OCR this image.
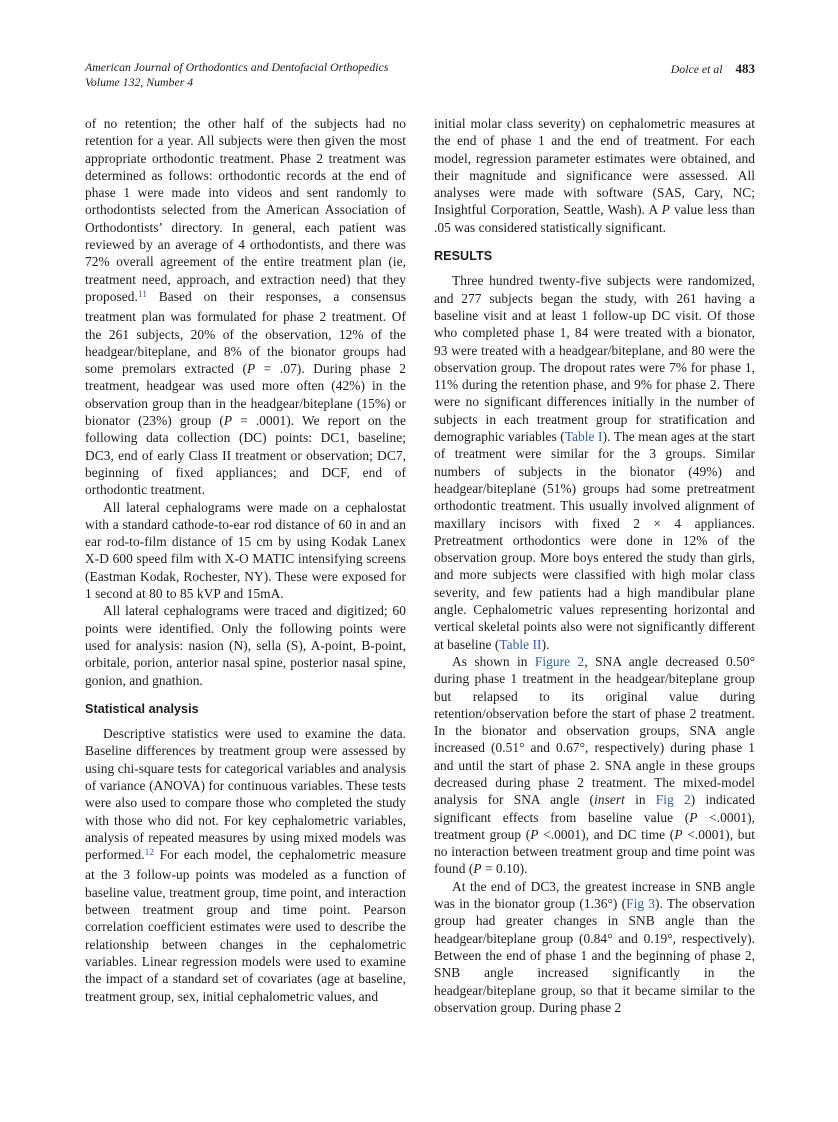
American Journal of Orthodontics and Dentofacial Orthopedics
Volume 132, Number 4
Dolce et al 483

of no retention; the other half of the subjects had no retention for a year. All subjects were then given the most appropriate orthodontic treatment. Phase 2 treatment was determined as follows: orthodontic records at the end of phase 1 were made into videos and sent randomly to orthodontists selected from the American Association of Orthodontists’ directory. In general, each patient was reviewed by an average of 4 orthodontists, and there was 72% overall agreement of the entire treatment plan (ie, treatment need, approach, and extraction need) that they proposed.$^{11}$ Based on their responses, a consensus treatment plan was formulated for phase 2 treatment. Of the 261 subjects, 20% of the observation, 12% of the headgear/biteplane, and 8% of the bionator groups had some premolars extracted (P = .07). During phase 2 treatment, headgear was used more often (42%) in the observation group than in the headgear/biteplane (15%) or bionator (23%) group (P = .0001). We report on the following data collection (DC) points: DC1, baseline; DC3, end of early Class II treatment or observation; DC7, beginning of fixed appliances; and DCF, end of orthodontic treatment.

All lateral cephalograms were made on a cephalostat with a standard cathode-to-ear rod distance of 60 in and an ear rod-to-film distance of 15 cm by using Kodak Lanex X-D 600 speed film with X-O MATIC intensifying screens (Eastman Kodak, Rochester, NY). These were exposed for 1 second at 80 to 85 kVP and 15mA.

All lateral cephalograms were traced and digitized; 60 points were identified. Only the following points were used for analysis: nasion (N), sella (S), A-point, B-point, orbitale, porion, anterior nasal spine, posterior nasal spine, gonion, and gnathion.

Statistical analysis

Descriptive statistics were used to examine the data. Baseline differences by treatment group were assessed by using chi-square tests for categorical variables and analysis of variance (ANOVA) for continuous variables. These tests were also used to compare those who completed the study with those who did not. For key cephalometric variables, analysis of repeated measures by using mixed models was performed.$^{12}$ For each model, the cephalometric measure at the 3 follow-up points was modeled as a function of baseline value, treatment group, time point, and interaction between treatment group and time point. Pearson correlation coefficient estimates were used to describe the relationship between changes in the cephalometric variables. Linear regression models were used to examine the impact of a standard set of covariates (age at baseline, treatment group, sex, initial cephalometric values, and

initial molar class severity) on cephalometric measures at the end of phase 1 and the end of treatment. For each model, regression parameter estimates were obtained, and their magnitude and significance were assessed. All analyses were made with software (SAS, Cary, NC; Insightful Corporation, Seattle, Wash). A P value less than .05 was considered statistically significant.

RESULTS

Three hundred twenty-five subjects were randomized, and 277 subjects began the study, with 261 having a baseline visit and at least 1 follow-up DC visit. Of those who completed phase 1, 84 were treated with a bionator, 93 were treated with a headgear/biteplane, and 80 were the observation group. The dropout rates were 7% for phase 1, 11% during the retention phase, and 9% for phase 2. There were no significant differences initially in the number of subjects in each treatment group for stratification and demographic variables (Table I). The mean ages at the start of treatment were similar for the 3 groups. Similar numbers of subjects in the bionator (49%) and headgear/biteplane (51%) groups had some pretreatment orthodontic treatment. This usually involved alignment of maxillary incisors with fixed 2 × 4 appliances. Pretreatment orthodontics were done in 12% of the observation group. More boys entered the study than girls, and more subjects were classified with high molar class severity, and few patients had a high mandibular plane angle. Cephalometric values representing horizontal and vertical skeletal points also were not significantly different at baseline (Table II).

As shown in Figure 2, SNA angle decreased 0.50° during phase 1 treatment in the headgear/biteplane group but relapsed to its original value during retention/observation before the start of phase 2 treatment. In the bionator and observation groups, SNA angle increased (0.51° and 0.67°, respectively) during phase 1 and until the start of phase 2. SNA angle in these groups decreased during phase 2 treatment. The mixed-model analysis for SNA angle (insert in Fig 2) indicated significant effects from baseline value (P <.0001), treatment group (P <.0001), and DC time (P <.0001), but no interaction between treatment group and time point was found (P = 0.10).

At the end of DC3, the greatest increase in SNB angle was in the bionator group (1.36°) (Fig 3). The observation group had greater changes in SNB angle than the headgear/biteplane group (0.84° and 0.19°, respectively). Between the end of phase 1 and the beginning of phase 2, SNB angle increased significantly in the headgear/biteplane group, so that it became similar to the observation group. During phase 2
